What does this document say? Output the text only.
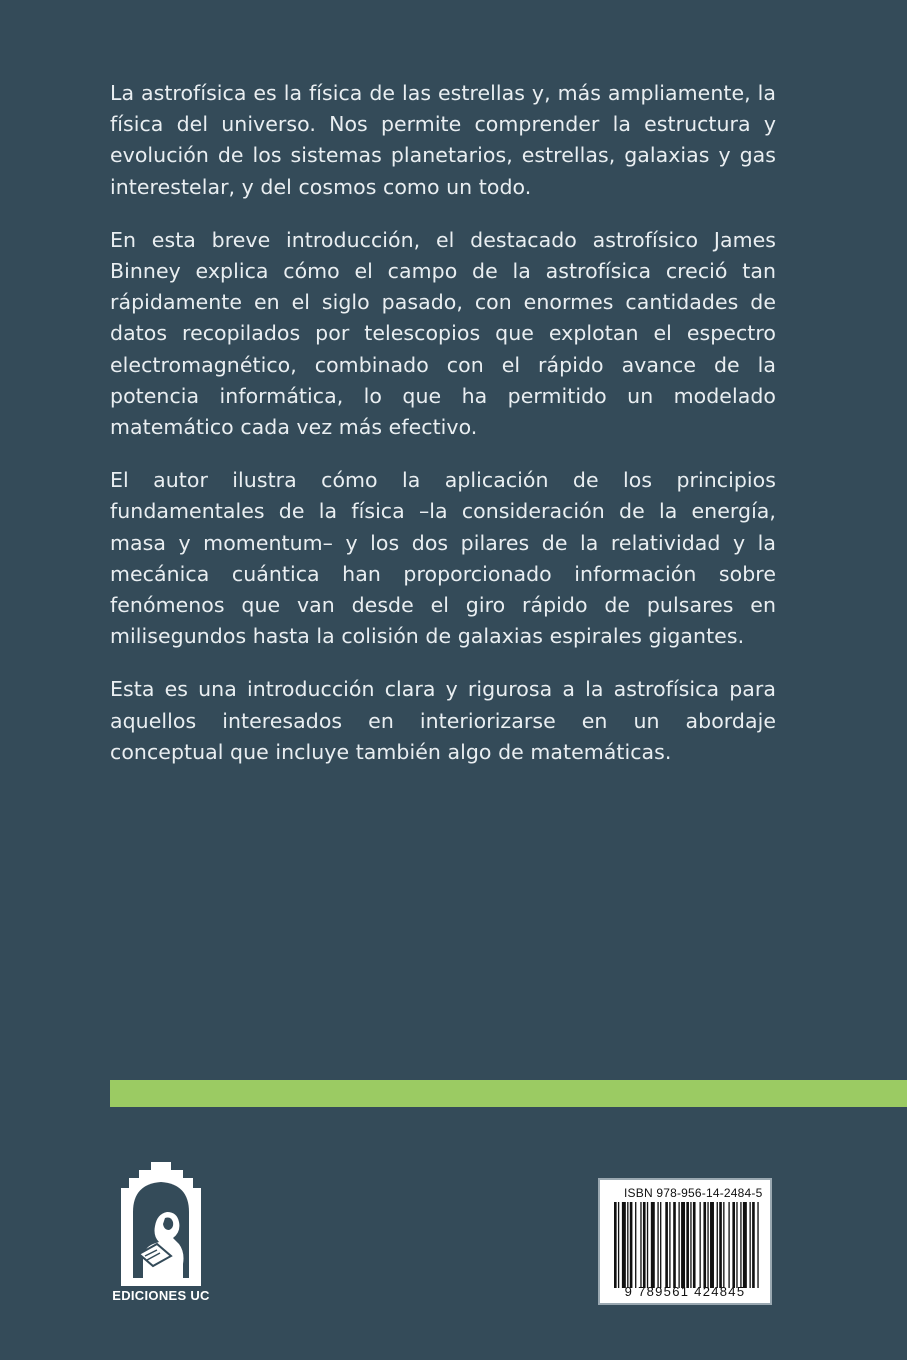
La astrofísica es la física de las estrellas y, más ampliamente, la física del universo. Nos permite comprender la estructura y evolución de los sistemas planetarios, estrellas, galaxias y gas interestelar, y del cosmos como un todo.

En esta breve introducción, el destacado astrofísico James Binney explica cómo el campo de la astrofísica creció tan rápidamente en el siglo pasado, con enormes cantidades de datos recopilados por telescopios que explotan el espectro electromagnético, combinado con el rápido avance de la potencia informática, lo que ha permitido un modelado matemático cada vez más efectivo.

El autor ilustra cómo la aplicación de los principios fundamentales de la física –la consideración de la energía, masa y momentum– y los dos pilares de la relatividad y la mecánica cuántica han proporcionado información sobre fenómenos que van desde el giro rápido de pulsares en milisegundos hasta la colisión de galaxias espirales gigantes.

Esta es una introducción clara y rigurosa a la astrofísica para aquellos interesados en interiorizarse en un abordaje conceptual que incluye también algo de matemáticas.

EDICIONES UC
ISBN 978-956-14-2484-5
9 789561 424845
